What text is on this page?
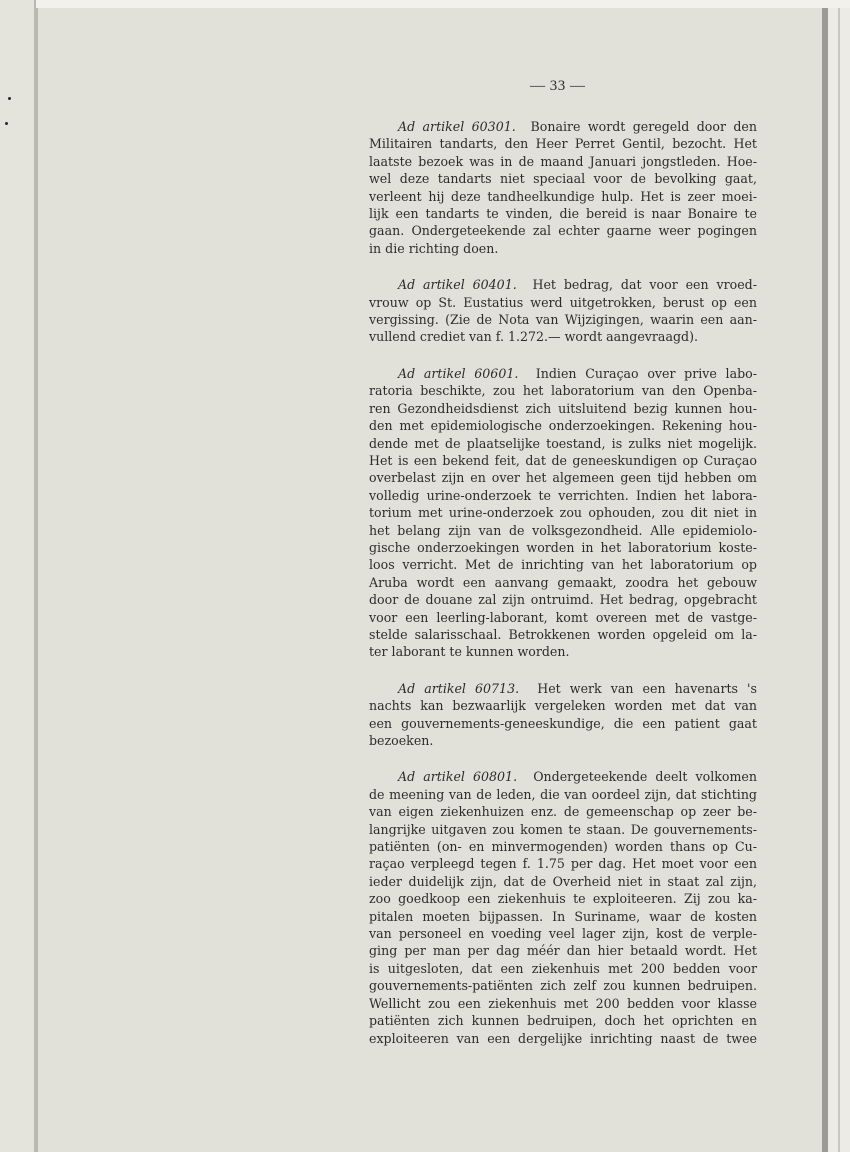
— 33 —
Ad artikel 60301. Bonaire wordt geregeld door den
Militairen tandarts, den Heer Perret Gentil, bezocht. Het
laatste bezoek was in de maand Januari jongstleden. Hoe-
wel deze tandarts niet speciaal voor de bevolking gaat,
verleent hij deze tandheelkundige hulp. Het is zeer moei-
lijk een tandarts te vinden, die bereid is naar Bonaire te
gaan. Ondergeteekende zal echter gaarne weer pogingen
in die richting doen.
Ad artikel 60401. Het bedrag, dat voor een vroed-
vrouw op St. Eustatius werd uitgetrokken, berust op een
vergissing. (Zie de Nota van Wijzigingen, waarin een aan-
vullend crediet van f. 1.272.— wordt aangevraagd).
Ad artikel 60601. Indien Curaçao over prive labo-
ratoria beschikte, zou het laboratorium van den Openba-
ren Gezondheidsdienst zich uitsluitend bezig kunnen hou-
den met epidemiologische onderzoekingen. Rekening hou-
dende met de plaatselijke toestand, is zulks niet mogelijk.
Het is een bekend feit, dat de geneeskundigen op Curaçao
overbelast zijn en over het algemeen geen tijd hebben om
volledig urine-onderzoek te verrichten. Indien het labora-
torium met urine-onderzoek zou ophouden, zou dit niet in
het belang zijn van de volksgezondheid. Alle epidemiolo-
gische onderzoekingen worden in het laboratorium koste-
loos verricht. Met de inrichting van het laboratorium op
Aruba wordt een aanvang gemaakt, zoodra het gebouw
door de douane zal zijn ontruimd. Het bedrag, opgebracht
voor een leerling-laborant, komt overeen met de vastge-
stelde salarisschaal. Betrokkenen worden opgeleid om la-
ter laborant te kunnen worden.
Ad artikel 60713. Het werk van een havenarts 's
nachts kan bezwaarlijk vergeleken worden met dat van
een gouvernements-geneeskundige, die een patient gaat
bezoeken.
Ad artikel 60801. Ondergeteekende deelt volkomen
de meening van de leden, die van oordeel zijn, dat stichting
van eigen ziekenhuizen enz. de gemeenschap op zeer be-
langrijke uitgaven zou komen te staan. De gouvernements-
patiënten (on- en minvermogenden) worden thans op Cu-
raçao verpleegd tegen f. 1.75 per dag. Het moet voor een
ieder duidelijk zijn, dat de Overheid niet in staat zal zijn,
zoo goedkoop een ziekenhuis te exploiteeren. Zij zou ka-
pitalen moeten bijpassen. In Suriname, waar de kosten
van personeel en voeding veel lager zijn, kost de verple-
ging per man per dag méér dan hier betaald wordt. Het
is uitgesloten, dat een ziekenhuis met 200 bedden voor
gouvernements-patiënten zich zelf zou kunnen bedruipen.
Wellicht zou een ziekenhuis met 200 bedden voor klasse
patiënten zich kunnen bedruipen, doch het oprichten en
exploiteeren van een dergelijke inrichting naast de twee
